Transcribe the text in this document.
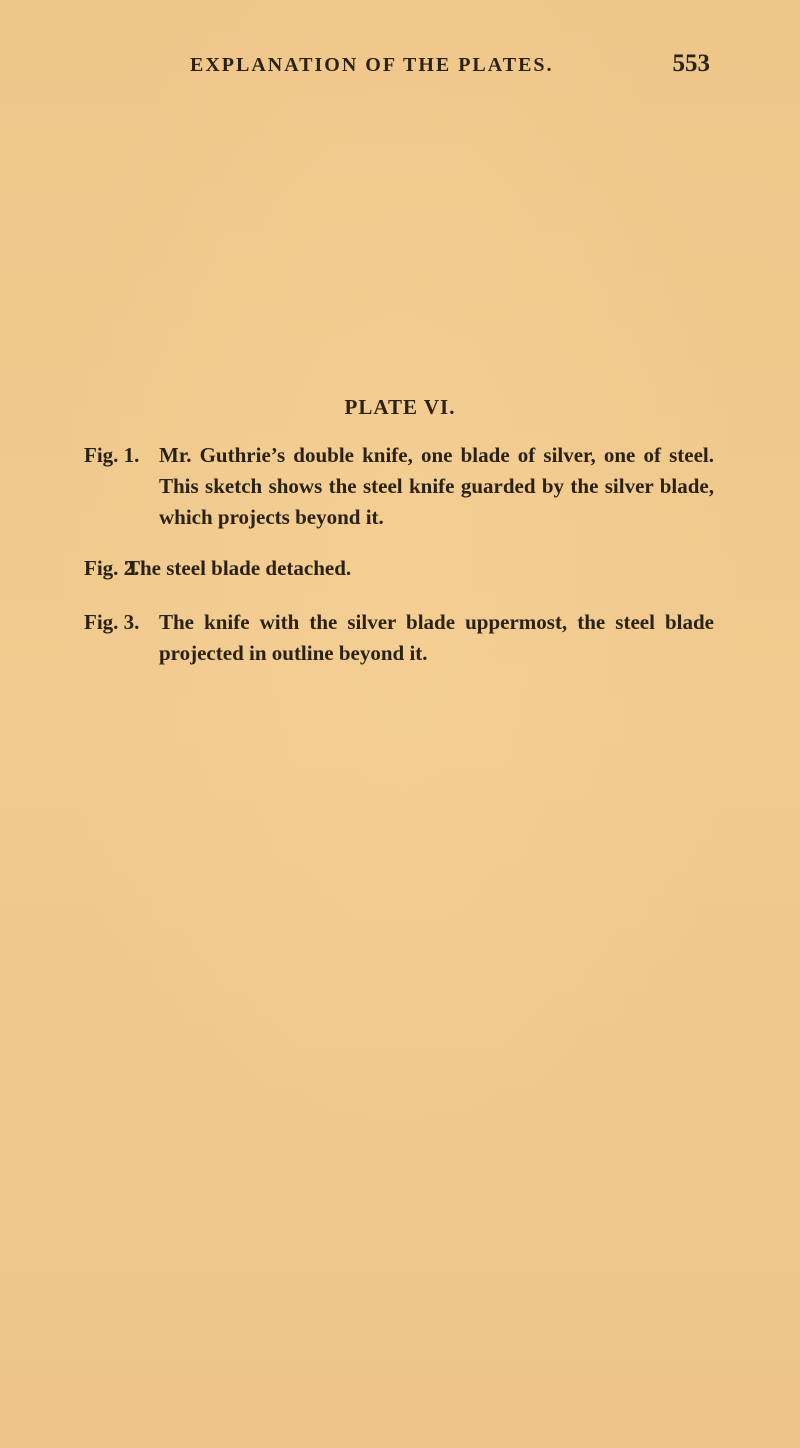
EXPLANATION OF THE PLATES.	553
PLATE VI.
Fig. 1. Mr. Guthrie’s double knife, one blade of silver, one of steel. This sketch shows the steel knife guarded by the silver blade, which projects beyond it.
Fig. 2.
The steel blade detached.
Fig. 3. The knife with the silver blade uppermost, the steel blade projected in outline beyond it.
